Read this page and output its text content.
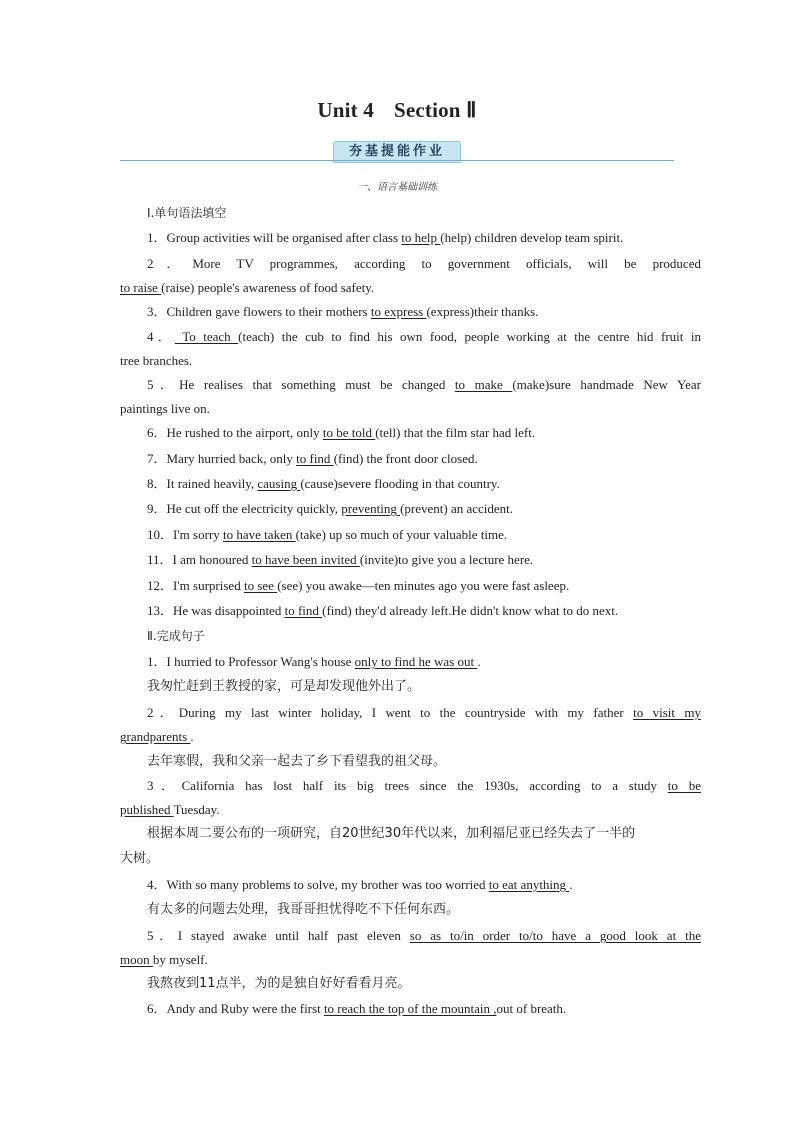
Unit 4 Section Ⅱ
夯基提能作业
一、语言基础训练
Ⅰ.单句语法填空
1．Group activities will be organised after class to help (help) children develop team spirit.
2．More TV programmes, according to government officials, will be produced
to raise (raise) people's awareness of food safety.
3．Children gave flowers to their mothers to express (express)their thanks.
4． To teach (teach) the cub to find his own food, people working at the centre hid fruit in
tree branches.
5．He realises that something must be changed to make (make)sure handmade New Year
paintings live on.
6．He rushed to the airport, only to be told (tell) that the film star had left.
7．Mary hurried back, only to find (find) the front door closed.
8．It rained heavily, causing (cause)severe flooding in that country.
9．He cut off the electricity quickly, preventing (prevent) an accident.
10．I'm sorry to have taken (take) up so much of your valuable time.
11．I am honoured to have been invited (invite)to give you a lecture here.
12．I'm surprised to see (see) you awake—ten minutes ago you were fast asleep.
13．He was disappointed to find (find) they'd already left.He didn't know what to do next.
Ⅱ.完成句子
1．I hurried to Professor Wang's house only to find he was out .
我匆忙赶到王教授的家，可是却发现他外出了。
2．During my last winter holiday, I went to the countryside with my father to visit my
grandparents .
去年寒假，我和父亲一起去了乡下看望我的祖父母。
3．California has lost half its big trees since the 1930s, according to a study to be
published Tuesday.
根据本周二要公布的一项研究，自20世纪30年代以来，加利福尼亚已经失去了一半的
大树。
4．With so many problems to solve, my brother was too worried to eat anything .
有太多的问题去处理，我哥哥担忧得吃不下任何东西。
5．I stayed awake until half past eleven so as to/in order to/to have a good look at the
moon by myself.
我熬夜到11点半，为的是独自好好看看月亮。
6．Andy and Ruby were the first to reach the top of the mountain ,out of breath.
